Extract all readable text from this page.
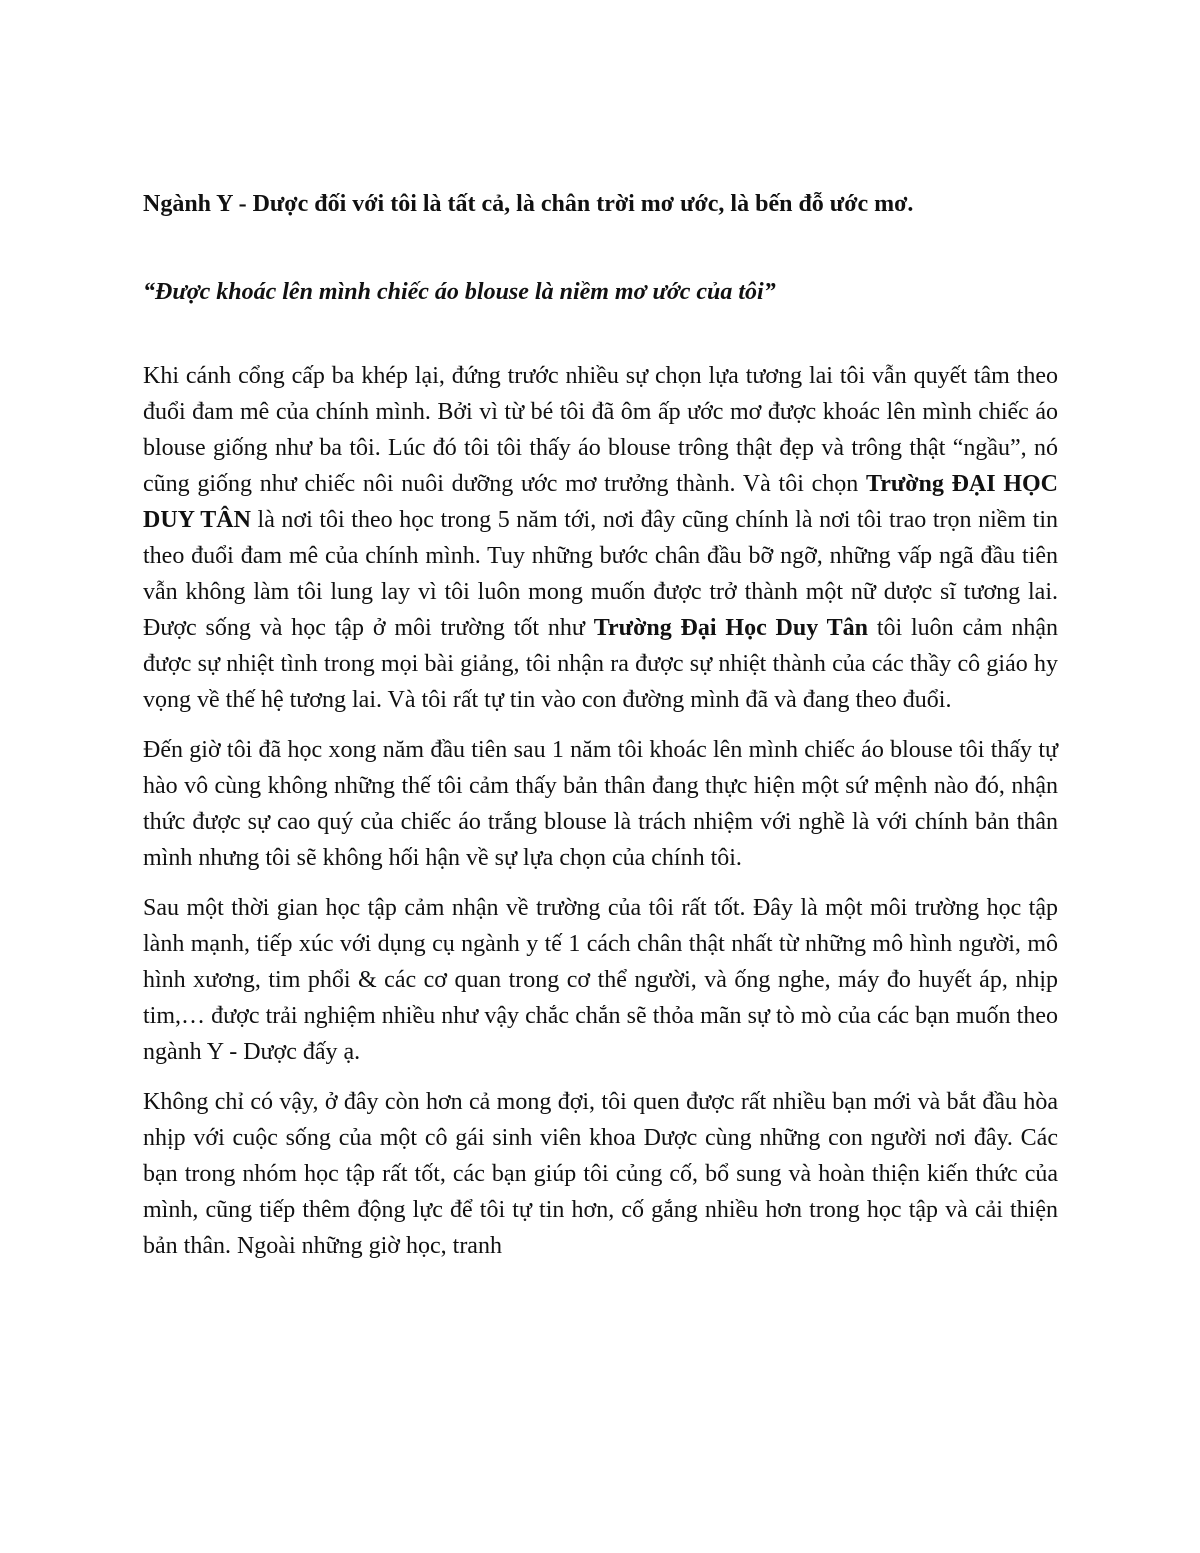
Ngành Y - Dược đối với tôi là tất cả, là chân trời mơ ước, là bến đỗ ước mơ.

“Được khoác lên mình chiếc áo blouse là niềm mơ ước của tôi”

Khi cánh cổng cấp ba khép lại, đứng trước nhiều sự chọn lựa tương lai tôi vẫn quyết tâm theo đuổi đam mê của chính mình. Bởi vì từ bé tôi đã ôm ấp ước mơ được khoác lên mình chiếc áo blouse giống như ba tôi. Lúc đó tôi tôi thấy áo blouse trông thật đẹp và trông thật “ngầu”, nó cũng giống như chiếc nôi nuôi dưỡng ước mơ trưởng thành. Và tôi chọn Trường ĐẠI HỌC DUY TÂN là nơi tôi theo học trong 5 năm tới, nơi đây cũng chính là nơi tôi trao trọn niềm tin theo đuổi đam mê của chính mình. Tuy những bước chân đầu bỡ ngỡ, những vấp ngã đầu tiên vẫn không làm tôi lung lay vì tôi luôn mong muốn được trở thành một nữ dược sĩ tương lai. Được sống và học tập ở môi trường tốt như Trường Đại Học Duy Tân tôi luôn cảm nhận được sự nhiệt tình trong mọi bài giảng, tôi nhận ra được sự nhiệt thành của các thầy cô giáo hy vọng về thế hệ tương lai. Và tôi rất tự tin vào con đường mình đã và đang theo đuổi.

Đến giờ tôi đã học xong năm đầu tiên sau 1 năm tôi khoác lên mình chiếc áo blouse tôi thấy tự hào vô cùng không những thế tôi cảm thấy bản thân đang thực hiện một sứ mệnh nào đó, nhận thức được sự cao quý của chiếc áo trắng blouse là trách nhiệm với nghề là với chính bản thân mình nhưng tôi sẽ không hối hận về sự lựa chọn của chính tôi.

Sau một thời gian học tập cảm nhận về trường của tôi rất tốt. Đây là một môi trường học tập lành mạnh, tiếp xúc với dụng cụ ngành y tế 1 cách chân thật nhất từ những mô hình người, mô hình xương, tim phổi & các cơ quan trong cơ thể người, và ống nghe, máy đo huyết áp, nhịp tim,… được trải nghiệm nhiều như vậy chắc chắn sẽ thỏa mãn sự tò mò của các bạn muốn theo ngành Y - Dược đấy ạ.

Không chỉ có vậy, ở đây còn hơn cả mong đợi, tôi quen được rất nhiều bạn mới và bắt đầu hòa nhịp với cuộc sống của một cô gái sinh viên khoa Dược cùng những con người nơi đây. Các bạn trong nhóm học tập rất tốt, các bạn giúp tôi củng cố, bổ sung và hoàn thiện kiến thức của mình, cũng tiếp thêm động lực để tôi tự tin hơn, cố gắng nhiều hơn trong học tập và cải thiện bản thân. Ngoài những giờ học, tranh
